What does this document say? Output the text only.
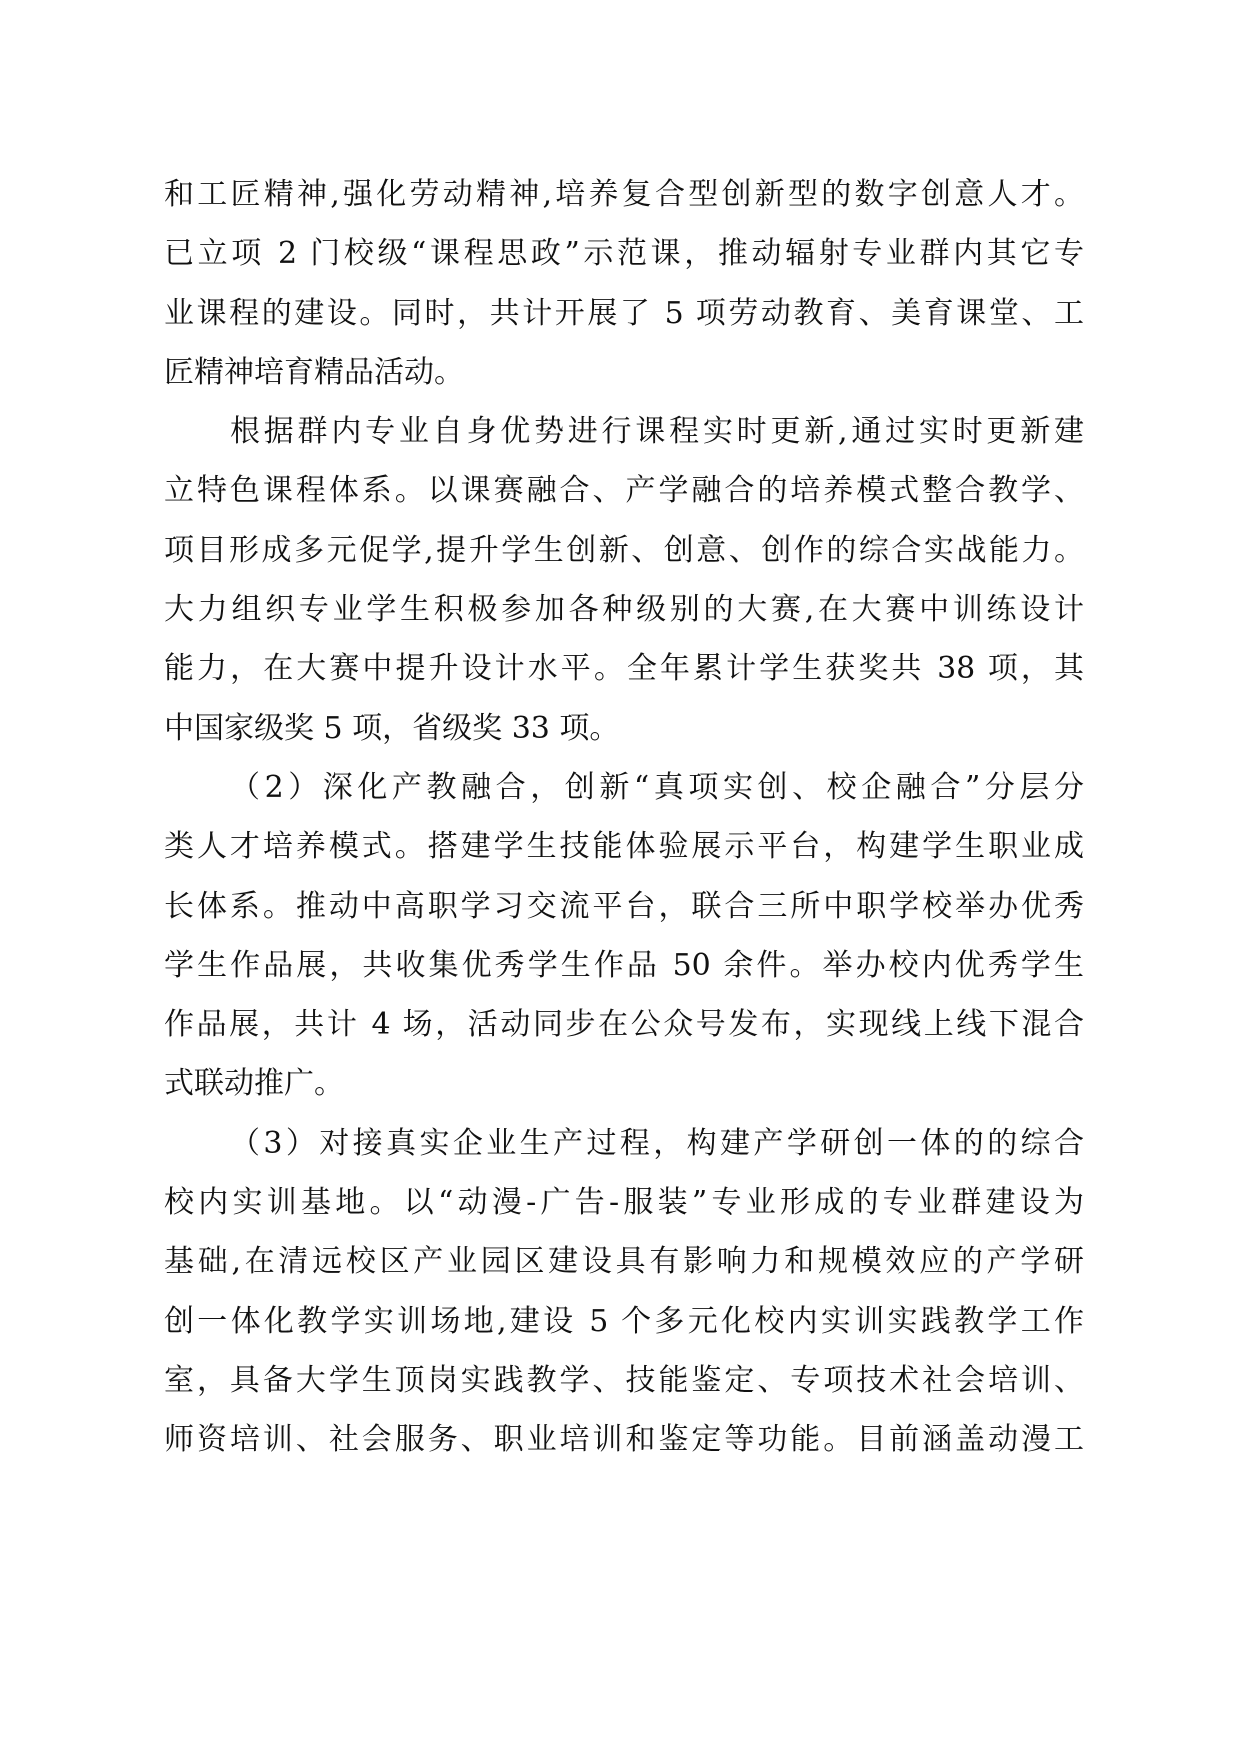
和工匠精神,强化劳动精神,培养复合型创新型的数字创意人才。
已立项 2 门校级“课程思政”示范课，推动辐射专业群内其它专
业课程的建设。同时，共计开展了 5 项劳动教育、美育课堂、工
匠精神培育精品活动。
根据群内专业自身优势进行课程实时更新,通过实时更新建
立特色课程体系。以课赛融合、产学融合的培养模式整合教学、
项目形成多元促学,提升学生创新、创意、创作的综合实战能力。
大力组织专业学生积极参加各种级别的大赛,在大赛中训练设计
能力，在大赛中提升设计水平。全年累计学生获奖共 38 项，其
中国家级奖 5 项，省级奖 33 项。
（2）深化产教融合，创新“真项实创、校企融合”分层分
类人才培养模式。搭建学生技能体验展示平台，构建学生职业成
长体系。推动中高职学习交流平台，联合三所中职学校举办优秀
学生作品展，共收集优秀学生作品 50 余件。举办校内优秀学生
作品展，共计 4 场，活动同步在公众号发布，实现线上线下混合
式联动推广。
（3）对接真实企业生产过程，构建产学研创一体的的综合
校内实训基地。以“动漫-广告-服装”专业形成的专业群建设为
基础,在清远校区产业园区建设具有影响力和规模效应的产学研
创一体化教学实训场地,建设 5 个多元化校内实训实践教学工作
室，具备大学生顶岗实践教学、技能鉴定、专项技术社会培训、
师资培训、社会服务、职业培训和鉴定等功能。目前涵盖动漫工
